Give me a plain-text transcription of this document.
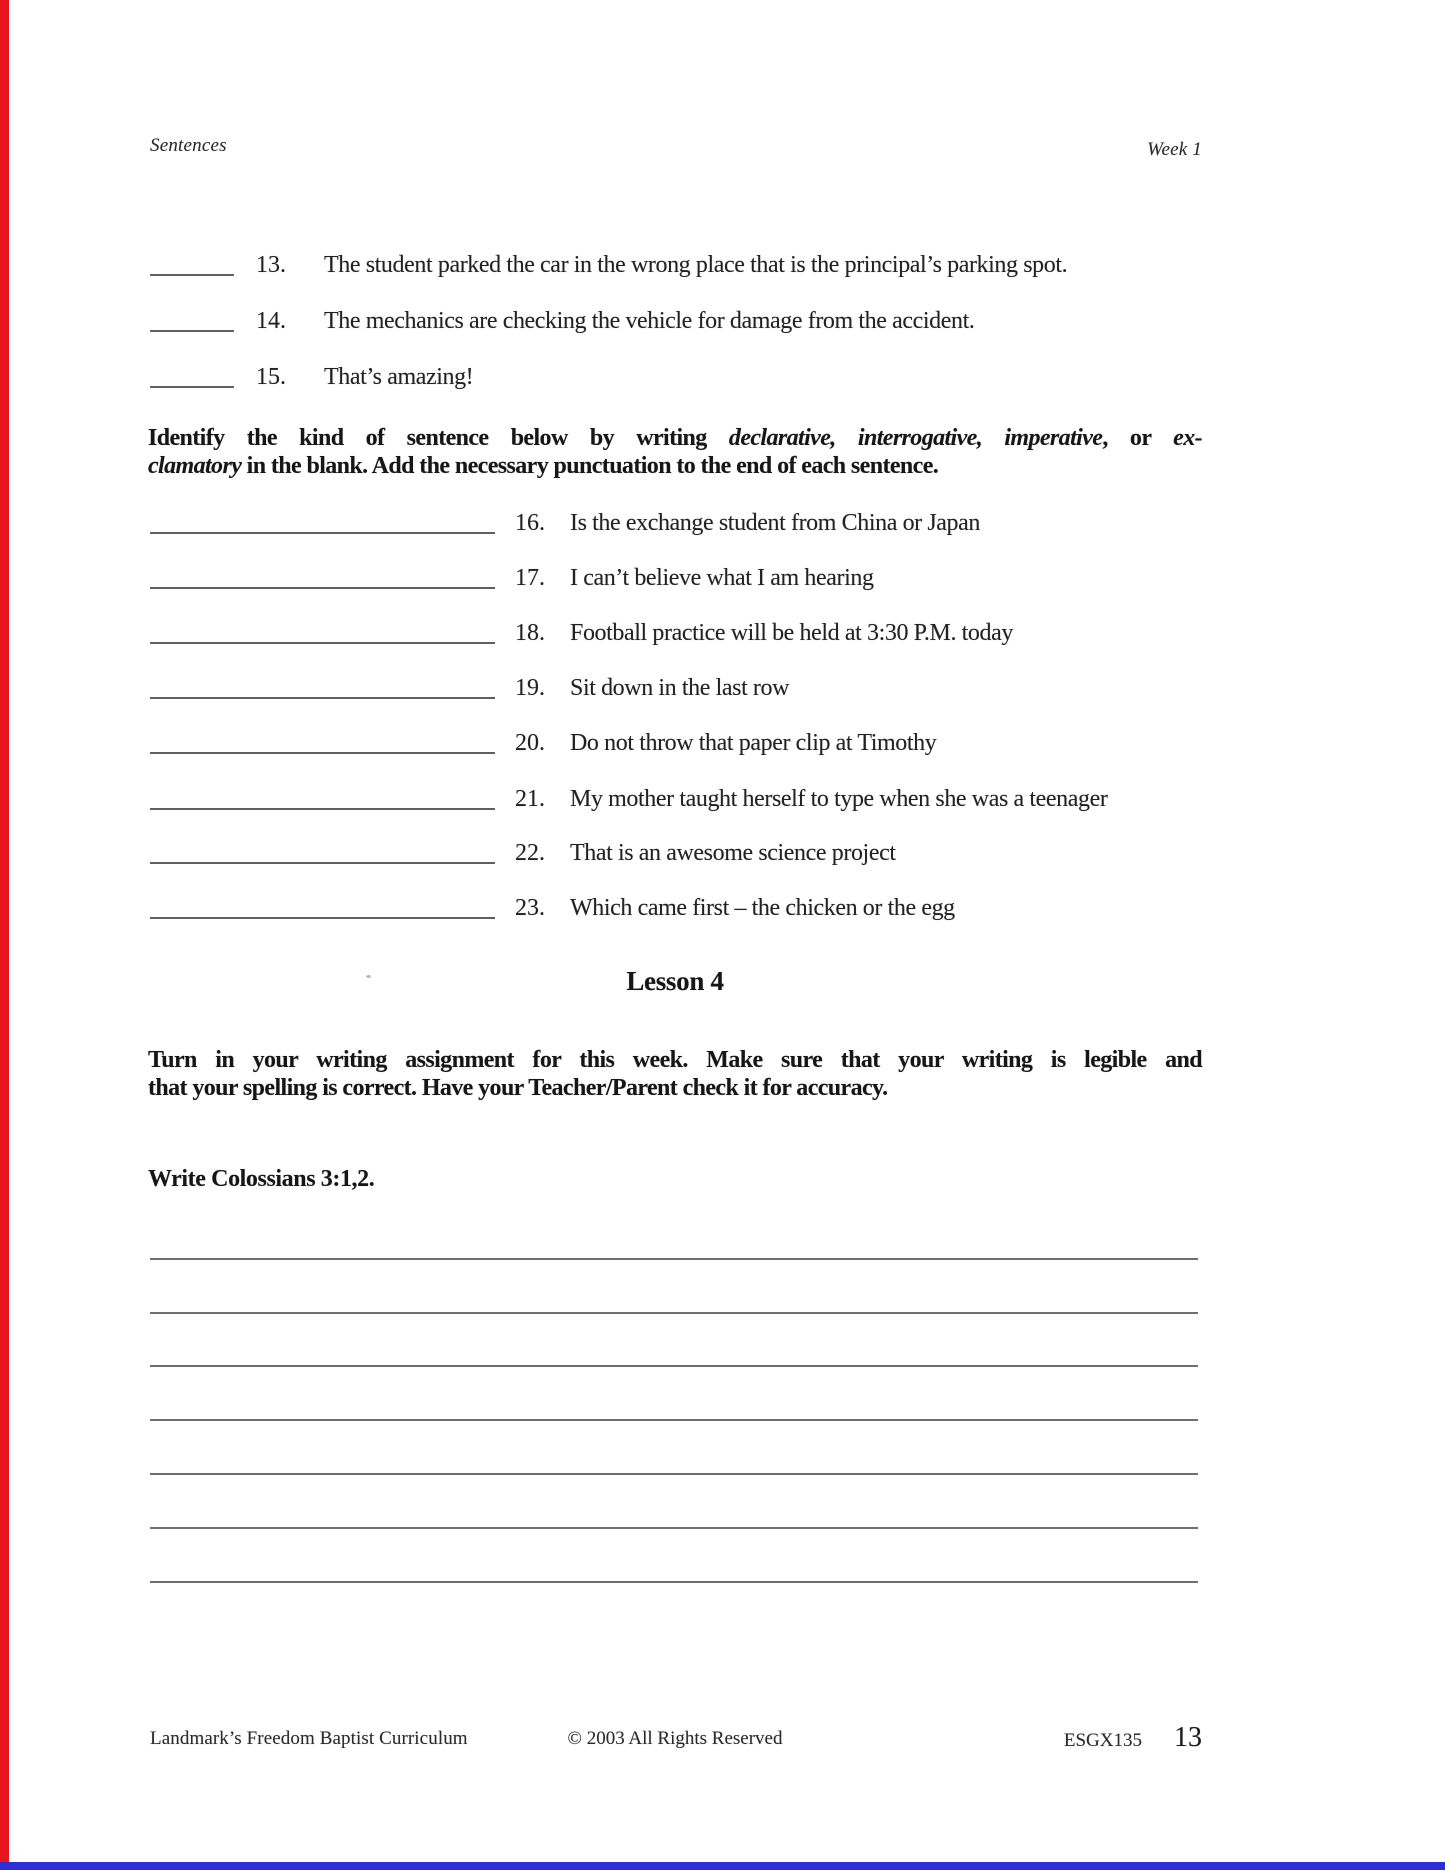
Sentences	Week 1
13.	The student parked the car in the wrong place that is the principal’s parking spot.
14.	The mechanics are checking the vehicle for damage from the accident.
15.	That’s amazing!
Identify the kind of sentence below by writing declarative, interrogative, imperative, or ex-
clamatory in the blank. Add the necessary punctuation to the end of each sentence.
16.	Is the exchange student from China or Japan
17.	I can’t believe what I am hearing
18.	Football practice will be held at 3:30 P.M. today
19.	Sit down in the last row
20.	Do not throw that paper clip at Timothy
21.	My mother taught herself to type when she was a teenager
22.	That is an awesome science project
23.	Which came first – the chicken or the egg
Lesson 4
Turn in your writing assignment for this week. Make sure that your writing is legible and
that your spelling is correct. Have your Teacher/Parent check it for accuracy.
Write Colossians 3:1,2.
Landmark’s Freedom Baptist Curriculum	© 2003 All Rights Reserved	ESGX135 13
